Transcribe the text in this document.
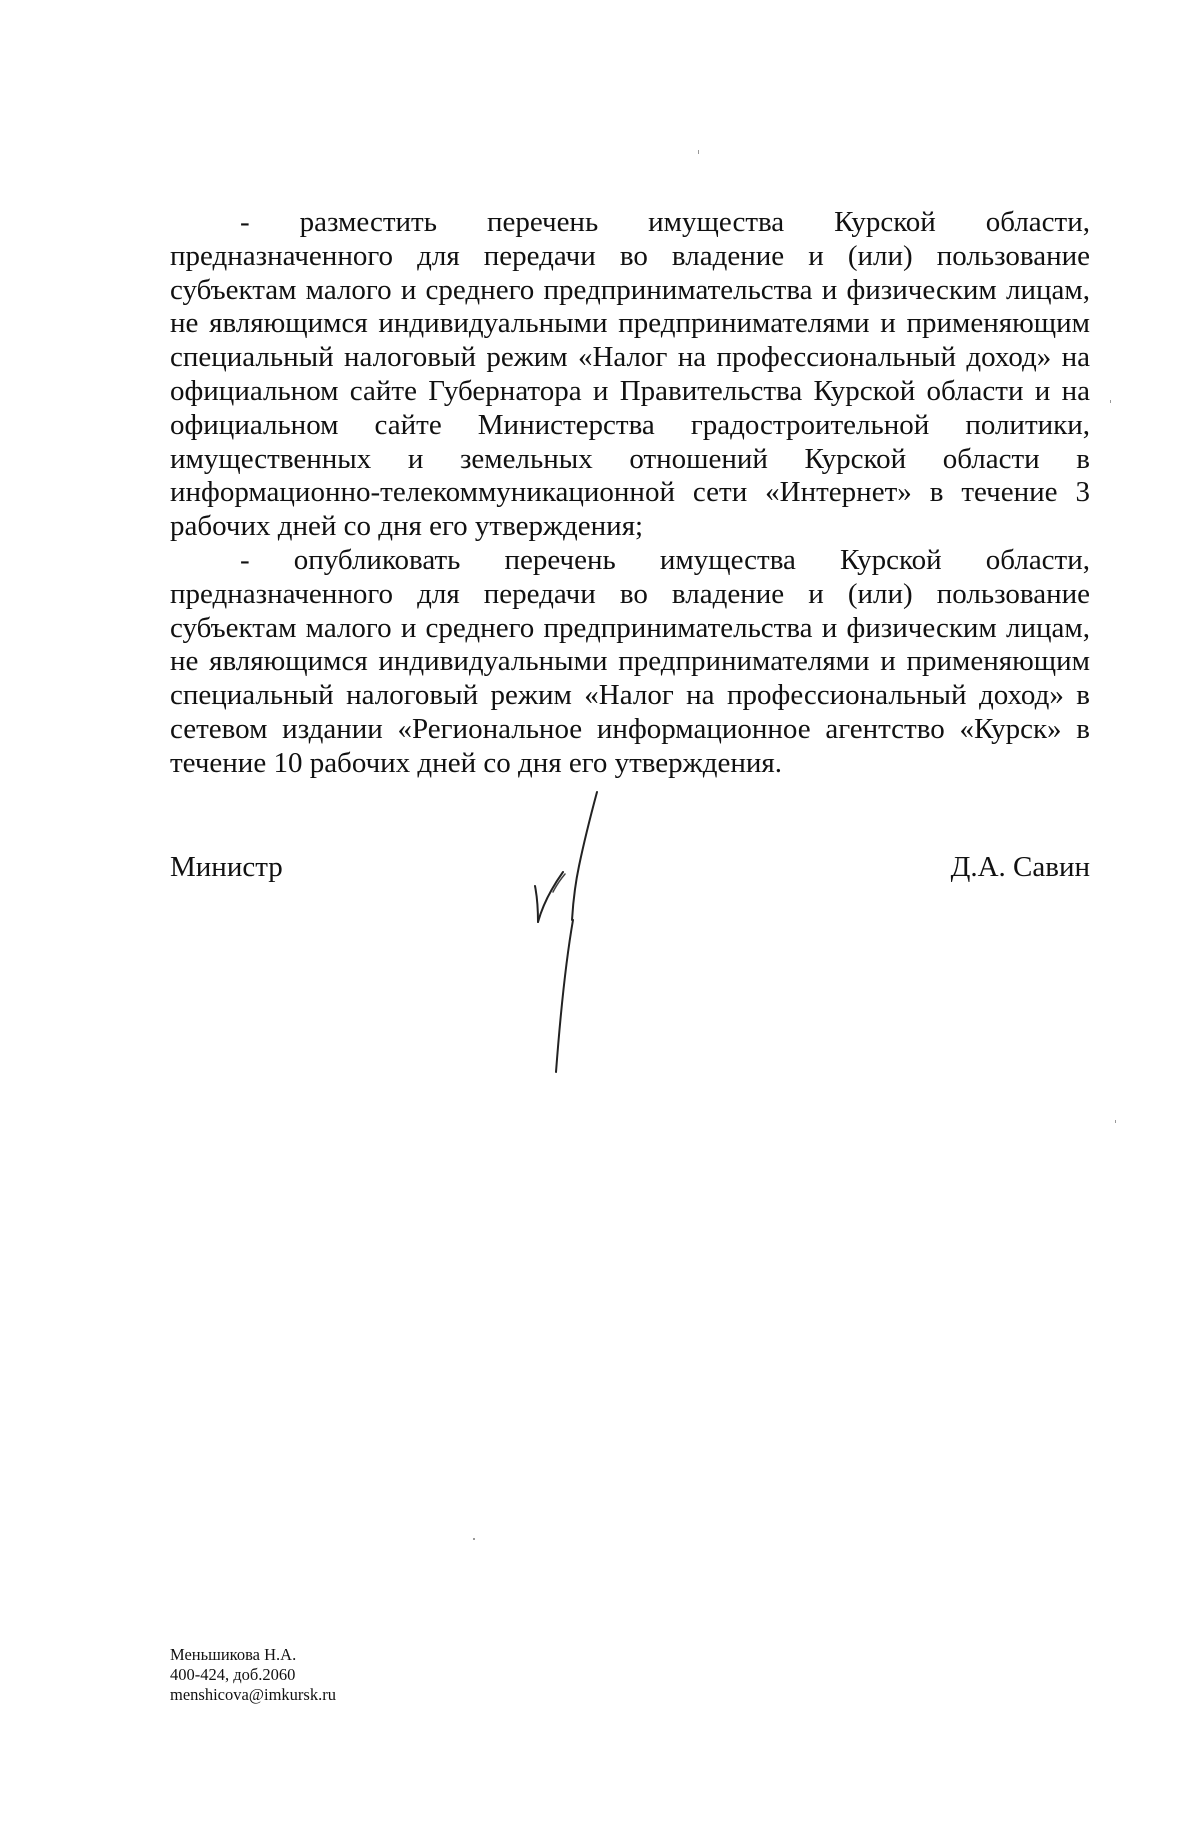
- разместить перечень имущества Курской области, предназначенного для передачи во владение и (или) пользование субъектам малого и среднего предпринимательства и физическим лицам, не являющимся индивидуальными предпринимателями и применяющим специальный налоговый режим «Налог на профессиональный доход» на официальном сайте Губернатора и Правительства Курской области и на официальном сайте Министерства градостроительной политики, имущественных и земельных отношений Курской области в информационно-телекоммуникационной сети «Интернет» в течение 3 рабочих дней со дня его утверждения;

- опубликовать перечень имущества Курской области, предназначенного для передачи во владение и (или) пользование субъектам малого и среднего предпринимательства и физическим лицам, не являющимся индивидуальными предпринимателями и применяющим специальный налоговый режим «Налог на профессиональный доход» в сетевом издании «Региональное информационное агентство «Курск» в течение 10 рабочих дней со дня его утверждения.

Министр	Д.А. Савин
Меньшикова Н.А.
400-424, доб.2060
menshicova@imkursk.ru
